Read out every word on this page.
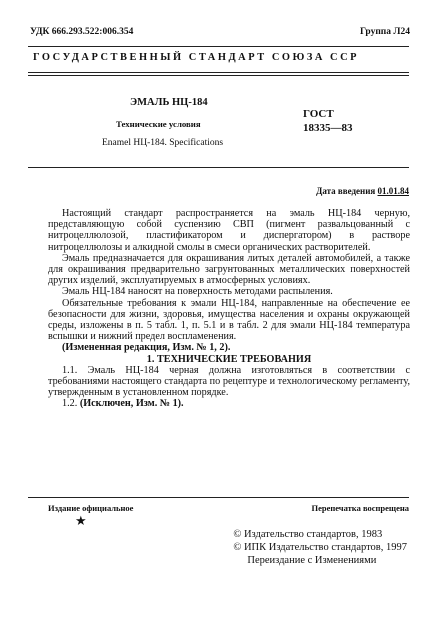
УДК 666.293.522:006.354	Группа Л24
ГОСУДАРСТВЕННЫЙ СТАНДАРТ СОЮЗА ССР
ЭМАЛЬ НЦ-184
Технические условия
Enamel НЦ-184. Specifications
ГОСТ
18335—83
Дата введения 01.01.84

Настоящий стандарт распространяется на эмаль НЦ-184 черную, представляющую собой суспензию СВП (пигмент развальцованный с нитроцеллюлозой, пластификатором и диспергатором) в растворе нитроцеллюлозы и алкидной смолы в смеси органических растворителей.

Эмаль предназначается для окрашивания литых деталей автомобилей, а также для окрашивания предварительно загрунтованных металлических поверхностей других изделий, эксплуатируемых в атмосферных условиях.

Эмаль НЦ-184 наносят на поверхность методами распыления.

Обязательные требования к эмали НЦ-184, направленные на обеспечение ее безопасности для жизни, здоровья, имущества населения и охраны окружающей среды, изложены в п. 5 табл. 1, п. 5.1 и в табл. 2 для эмали НЦ-184 температура вспышки и нижний предел воспламенения.

(Измененная редакция, Изм. № 1, 2).

1. ТЕХНИЧЕСКИЕ ТРЕБОВАНИЯ

1.1. Эмаль НЦ-184 черная должна изготовляться в соответствии с требованиями настоящего стандарта по рецептуре и технологическому регламенту, утвержденным в установленном порядке.

1.2. (Исключен, Изм. № 1).

Издание официальное	Перепечатка воспрещена
★
© Издательство стандартов, 1983
© ИПК Издательство стандартов, 1997
Переиздание с Изменениями
